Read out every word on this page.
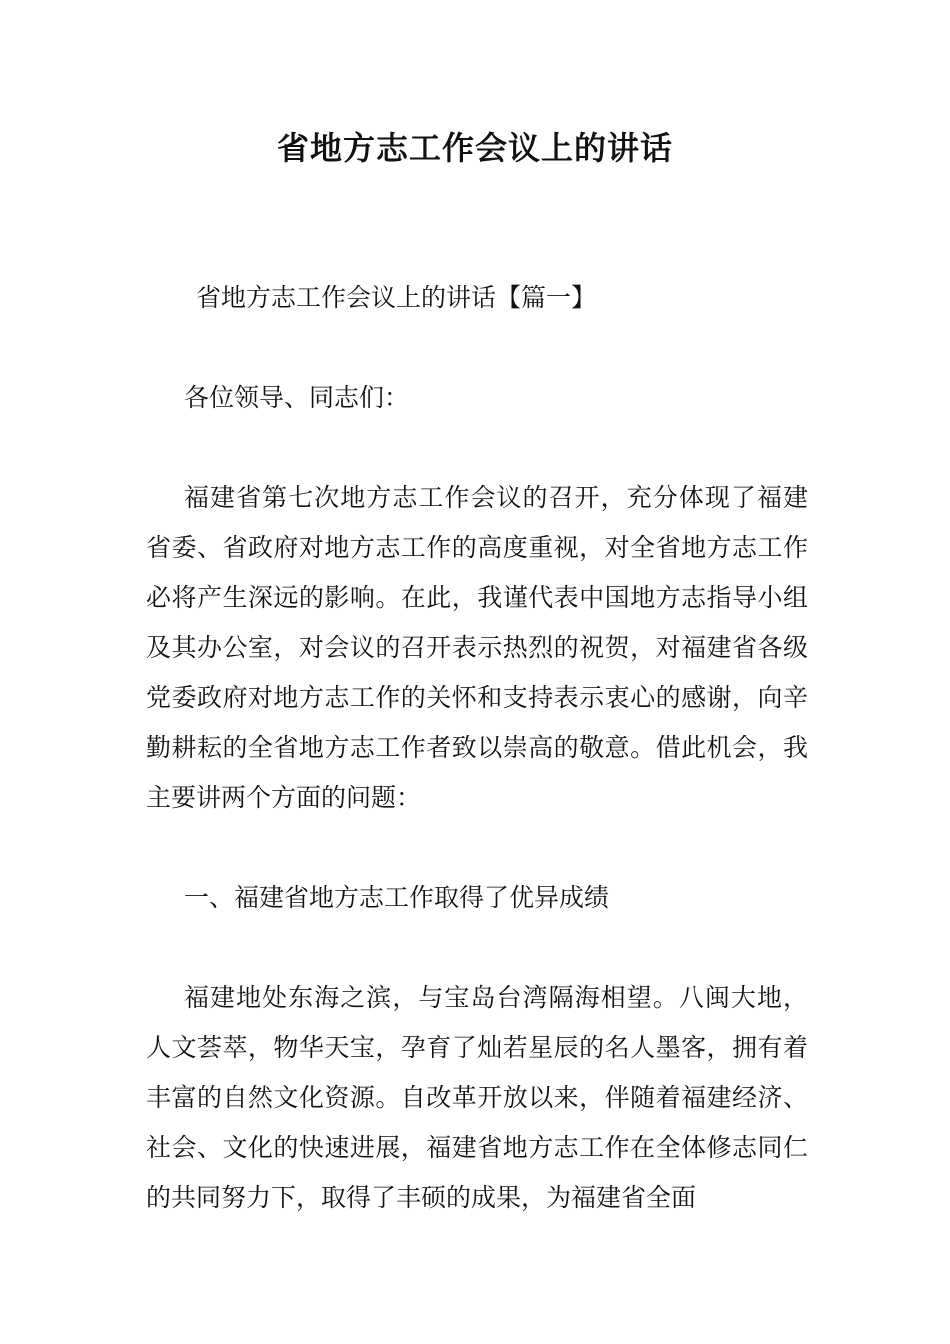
省地方志工作会议上的讲话

省地方志工作会议上的讲话【篇一】

各位领导、同志们：

福建省第七次地方志工作会议的召开，充分体现了福建省委、省政府对地方志工作的高度重视，对全省地方志工作必将产生深远的影响。在此，我谨代表中国地方志指导小组及其办公室，对会议的召开表示热烈的祝贺，对福建省各级党委政府对地方志工作的关怀和支持表示衷心的感谢，向辛勤耕耘的全省地方志工作者致以崇高的敬意。借此机会，我主要讲两个方面的问题：

一、福建省地方志工作取得了优异成绩

福建地处东海之滨，与宝岛台湾隔海相望。八闽大地，人文荟萃，物华天宝，孕育了灿若星辰的名人墨客，拥有着丰富的自然文化资源。自改革开放以来，伴随着福建经济、社会、文化的快速进展，福建省地方志工作在全体修志同仁的共同努力下，取得了丰硕的成果，为福建省全面
